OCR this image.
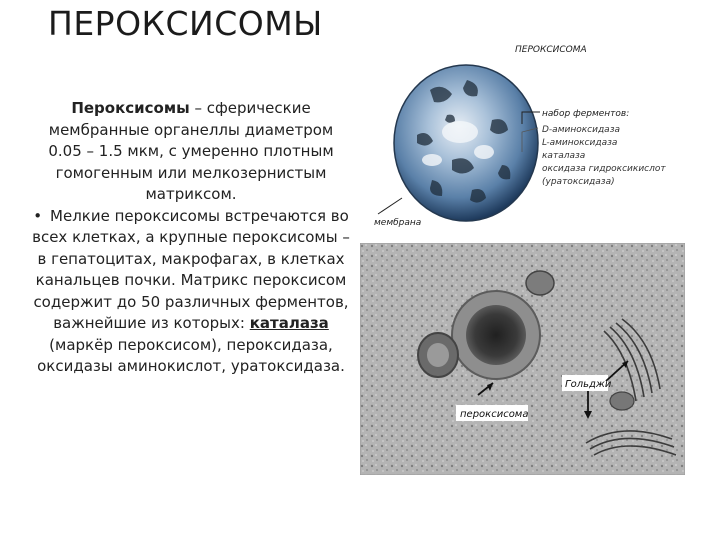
ПЕРОКСИСОМЫ

Пероксисомы – сферические мембранные органеллы диаметром 0.05 – 1.5 мкм, с умеренно плотным гомогенным или мелкозернистым матриксом.

• Мелкие пероксисомы встречаются во всех клетках, а крупные пероксисомы – в гепатоцитах, макрофагах, в клетках канальцев почки. Матрикс пероксисом содержит до 50 различных ферментов, важнейшие из которых: каталаза (маркёр пероксисом), пероксидаза, оксидазы аминокислот, уратоксидаза.

ПЕРОКСИСОМА
набор ферментов:
D-аминоксидаза
L-аминоксидаза
каталаза
оксидаза гидроксикислот
(уратоксидаза)
мембрана
пероксисома
Гольджи
